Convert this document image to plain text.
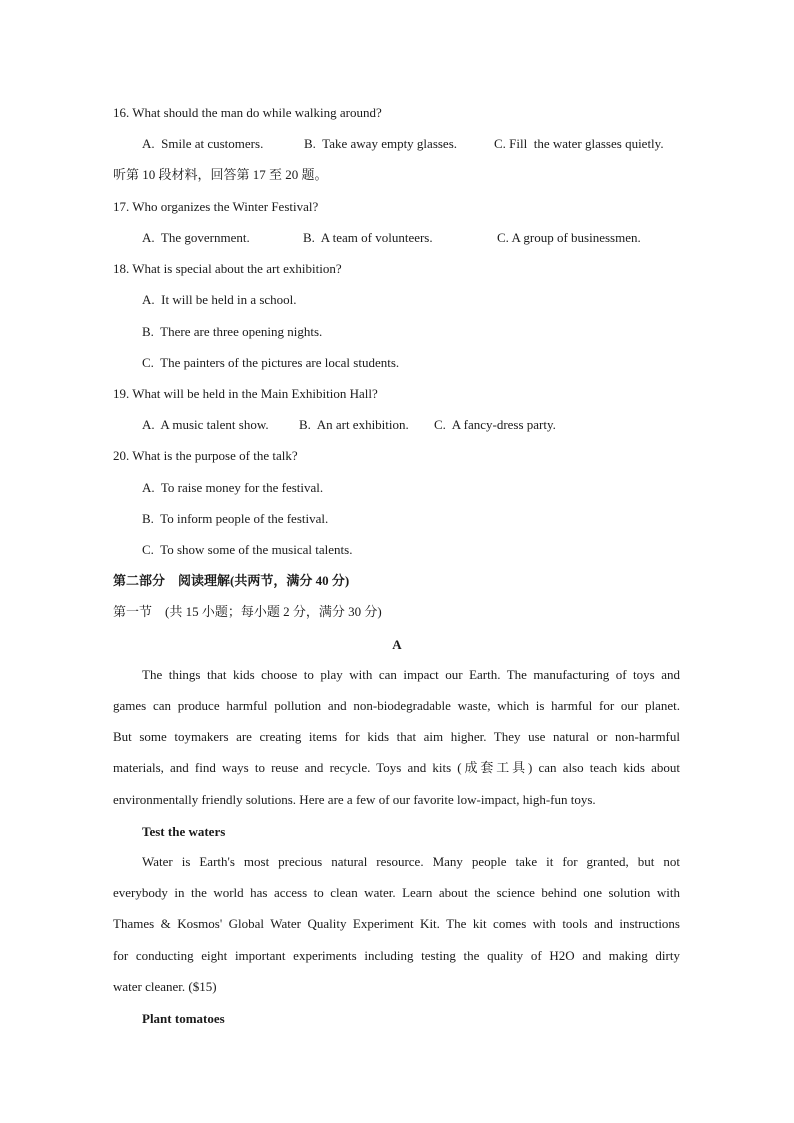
16. What should the man do while walking around?
A.  Smile at customers.	B.  Take away empty glasses.	C. Fill  the water glasses quietly.
听第 10 段材料，回答第 17 至 20 题。
17. Who organizes the Winter Festival?
A.  The government.	B.  A team of volunteers.	C. A group of businessmen.
18. What is special about the art exhibition?
A.  It will be held in a school.
B.  There are three opening nights.
C.  The painters of the pictures are local students.
19. What will be held in the Main Exhibition Hall?
A.  A music talent show. B.  An art exhibition. C.  A fancy-dress party.
20. What is the purpose of the talk?
A.  To raise money for the festival.
B.  To inform people of the festival.
C.  To show some of the musical talents.
第二部分　阅读理解(共两节，满分 40 分)
第一节　(共 15 小题；每小题 2 分，满分 30 分)
A
The things that kids choose to play with can impact our Earth. The manufacturing of toys and
games can produce harmful pollution and non-biodegradable waste, which is harmful for our planet.
But some toymakers are creating items for kids that aim higher. They use natural or non-harmful
materials, and find ways to reuse and recycle. Toys and kits (成套工具) can also teach kids about
environmentally friendly solutions. Here are a few of our favorite low-impact, high-fun toys.
Test the waters
Water is Earth's most precious natural resource. Many people take it for granted, but not
everybody in the world has access to clean water. Learn about the science behind one solution with
Thames & Kosmos' Global Water Quality Experiment Kit. The kit comes with tools and instructions
for conducting eight important experiments including testing the quality of H2O and making dirty
water cleaner. ($15)
Plant tomatoes
